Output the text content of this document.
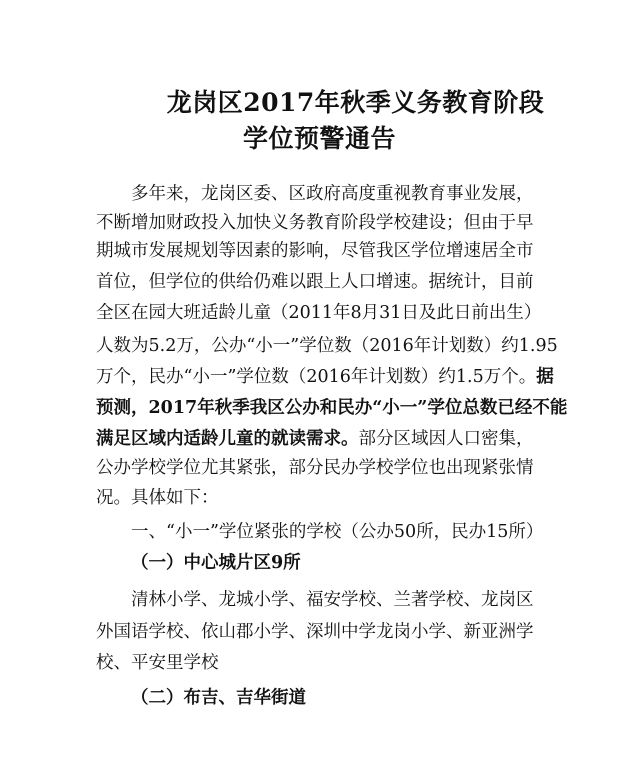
龙岗区2017年秋季义务教育阶段
学位预警通告
多年来，龙岗区委、区政府高度重视教育事业发展，
不断增加财政投入加快义务教育阶段学校建设；但由于早
期城市发展规划等因素的影响，尽管我区学位增速居全市
首位，但学位的供给仍难以跟上人口增速。据统计，目前
全区在园大班适龄儿童（2011年8月31日及此日前出生）
人数为5.2万，公办“小一”学位数（2016年计划数）约1.95
万个，民办“小一”学位数（2016年计划数）约1.5万个。据
预测，2017年秋季我区公办和民办“小一”学位总数已经不能
满足区域内适龄儿童的就读需求。部分区域因人口密集，
公办学校学位尤其紧张，部分民办学校学位也出现紧张情
况。具体如下：
一、“小一”学位紧张的学校（公办50所，民办15所）
（一）中心城片区9所
清林小学、龙城小学、福安学校、兰著学校、龙岗区
外国语学校、依山郡小学、深圳中学龙岗小学、新亚洲学
校、平安里学校
（二）布吉、吉华街道
